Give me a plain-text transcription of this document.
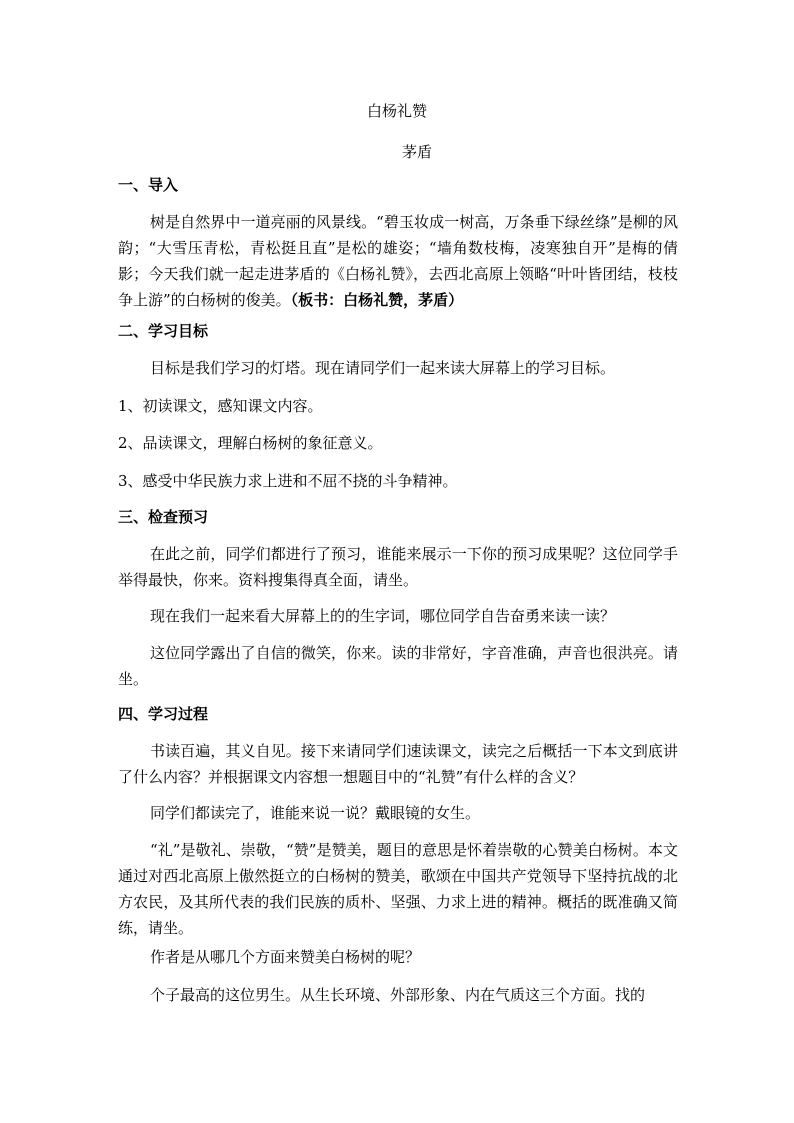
白杨礼赞
茅盾
一、导入

树是自然界中一道亮丽的风景线。“碧玉妆成一树高，万条垂下绿丝绦”是柳的风韵；“大雪压青松，青松挺且直”是松的雄姿；“墙角数枝梅，凌寒独自开”是梅的倩影；今天我们就一起走进茅盾的《白杨礼赞》，去西北高原上领略“叶叶皆团结，枝枝争上游”的白杨树的俊美。（板书：白杨礼赞，茅盾）

二、学习目标

目标是我们学习的灯塔。现在请同学们一起来读大屏幕上的学习目标。

1、初读课文，感知课文内容。

2、品读课文，理解白杨树的象征意义。

3、感受中华民族力求上进和不屈不挠的斗争精神。

三、检查预习

在此之前，同学们都进行了预习，谁能来展示一下你的预习成果呢？这位同学手举得最快，你来。资料搜集得真全面，请坐。

现在我们一起来看大屏幕上的的生字词，哪位同学自告奋勇来读一读？

这位同学露出了自信的微笑，你来。读的非常好，字音准确，声音也很洪亮。请坐。

四、学习过程

书读百遍，其义自见。接下来请同学们速读课文，读完之后概括一下本文到底讲了什么内容？并根据课文内容想一想题目中的“礼赞”有什么样的含义？

同学们都读完了，谁能来说一说？戴眼镜的女生。

“礼”是敬礼、崇敬，“赞”是赞美，题目的意思是怀着崇敬的心赞美白杨树。本文通过对西北高原上傲然挺立的白杨树的赞美，歌颂在中国共产党领导下坚持抗战的北方农民，及其所代表的我们民族的质朴、坚强、力求上进的精神。概括的既准确又简练，请坐。

作者是从哪几个方面来赞美白杨树的呢？

个子最高的这位男生。从生长环境、外部形象、内在气质这三个方面。找的
